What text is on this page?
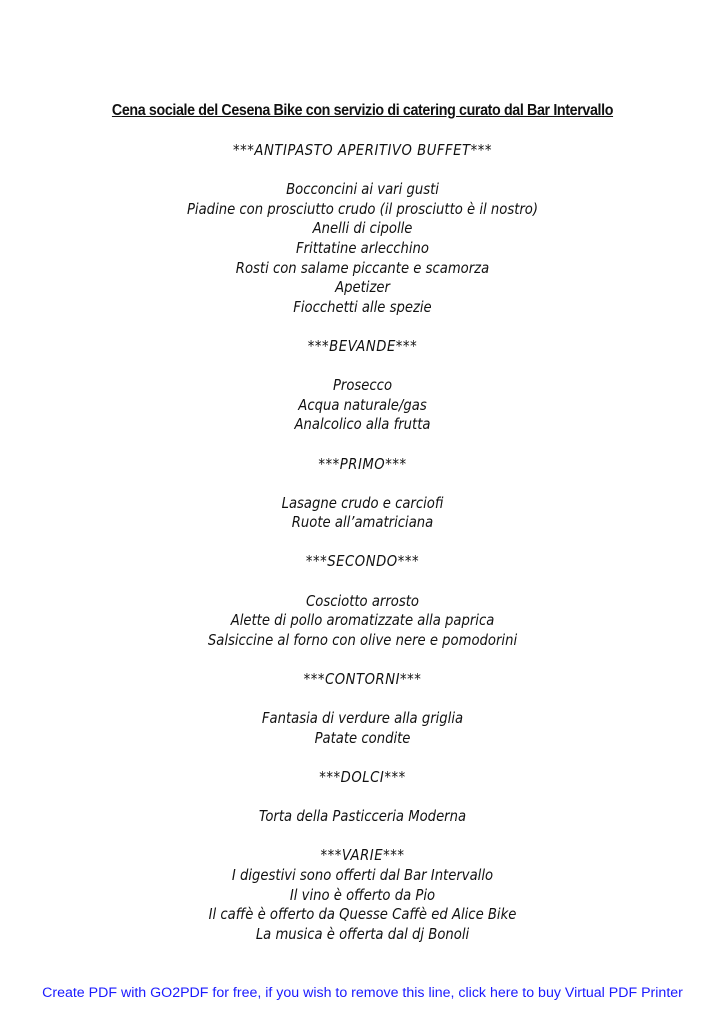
Cena sociale del Cesena Bike con servizio di catering curato dal Bar Intervallo
***ANTIPASTO APERITIVO BUFFET***
Bocconcini ai vari gusti
Piadine con prosciutto crudo (il prosciutto è il nostro)
Anelli di cipolle
Frittatine arlecchino
Rosti con salame piccante e scamorza
Apetizer
Fiocchetti alle spezie
***BEVANDE***
Prosecco
Acqua naturale/gas
Analcolico alla frutta
***PRIMO***
Lasagne crudo e carciofi
Ruote all’amatriciana
***SECONDO***
Cosciotto arrosto
Alette di pollo aromatizzate alla paprica
Salsiccine al forno con olive nere e pomodorini
***CONTORNI***
Fantasia di verdure alla griglia
Patate condite
***DOLCI***
Torta della Pasticceria Moderna
***VARIE***
I digestivi sono offerti dal Bar Intervallo
Il vino è offerto da Pio
Il caffè è offerto da Quesse Caffè ed Alice Bike
La musica è offerta dal dj Bonoli
Create PDF with GO2PDF for free, if you wish to remove this line, click here to buy Virtual PDF Printer
